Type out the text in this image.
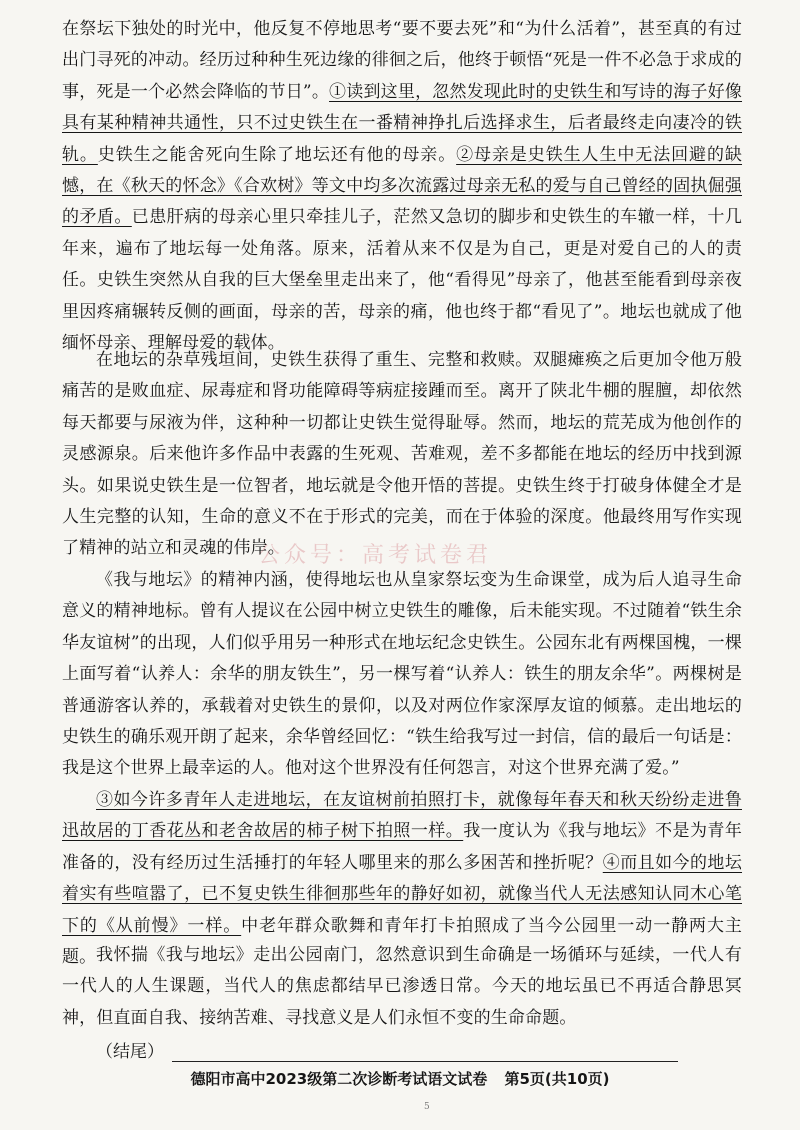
公众号：高考试卷君

在祭坛下独处的时光中，他反复不停地思考“要不要去死”和“为什么活着”，甚至真的有过出门寻死的冲动。经历过种种生死边缘的徘徊之后，他终于顿悟“死是一件不必急于求成的事，死是一个必然会降临的节日”。①读到这里，忽然发现此时的史铁生和写诗的海子好像具有某种精神共通性，只不过史铁生在一番精神挣扎后选择求生，后者最终走向凄冷的铁轨。史铁生之能舍死向生除了地坛还有他的母亲。②母亲是史铁生人生中无法回避的缺憾，在《秋天的怀念》《合欢树》等文中均多次流露过母亲无私的爱与自己曾经的固执倔强的矛盾。已患肝病的母亲心里只牵挂儿子，茫然又急切的脚步和史铁生的车辙一样，十几年来，遍布了地坛每一处角落。原来，活着从来不仅是为自己，更是对爱自己的人的责任。史铁生突然从自我的巨大堡垒里走出来了，他“看得见”母亲了，他甚至能看到母亲夜里因疼痛辗转反侧的画面，母亲的苦，母亲的痛，他也终于都“看见了”。地坛也就成了他缅怀母亲、理解母爱的载体。

在地坛的杂草残垣间，史铁生获得了重生、完整和救赎。双腿瘫痪之后更加令他万般痛苦的是败血症、尿毒症和肾功能障碍等病症接踵而至。离开了陕北牛棚的腥膻，却依然每天都要与尿液为伴，这种种一切都让史铁生觉得耻辱。然而，地坛的荒芜成为他创作的灵感源泉。后来他许多作品中表露的生死观、苦难观，差不多都能在地坛的经历中找到源头。如果说史铁生是一位智者，地坛就是令他开悟的菩提。史铁生终于打破身体健全才是人生完整的认知，生命的意义不在于形式的完美，而在于体验的深度。他最终用写作实现了精神的站立和灵魂的伟岸。

《我与地坛》的精神内涵，使得地坛也从皇家祭坛变为生命课堂，成为后人追寻生命意义的精神地标。曾有人提议在公园中树立史铁生的雕像，后未能实现。不过随着“铁生余华友谊树”的出现，人们似乎用另一种形式在地坛纪念史铁生。公园东北有两棵国槐，一棵上面写着“认养人：余华的朋友铁生”，另一棵写着“认养人：铁生的朋友余华”。两棵树是普通游客认养的，承载着对史铁生的景仰，以及对两位作家深厚友谊的倾慕。走出地坛的史铁生的确乐观开朗了起来，余华曾经回忆：“铁生给我写过一封信，信的最后一句话是：我是这个世界上最幸运的人。他对这个世界没有任何怨言，对这个世界充满了爱。”

③如今许多青年人走进地坛，在友谊树前拍照打卡，就像每年春天和秋天纷纷走进鲁迅故居的丁香花丛和老舍故居的柿子树下拍照一样。我一度认为《我与地坛》不是为青年准备的，没有经历过生活捶打的年轻人哪里来的那么多困苦和挫折呢？④而且如今的地坛着实有些喧嚣了，已不复史铁生徘徊那些年的静好如初，就像当代人无法感知认同木心笔下的《从前慢》一样。中老年群众歌舞和青年打卡拍照成了当今公园里一动一静两大主题。 我怀揣《我与地坛》走出公园南门，忽然意识到生命确是一场循环与延续，一代人有一代人的人生课题，当代人的焦虑都结早已渗透日常。今天的地坛虽已不再适合静思冥神，但直面自我、接纳苦难、寻找意义是人们永恒不变的生命命题。

（结尾）
德阳市高中2023级第二次诊断考试语文试卷 第5页(共10页)
5
